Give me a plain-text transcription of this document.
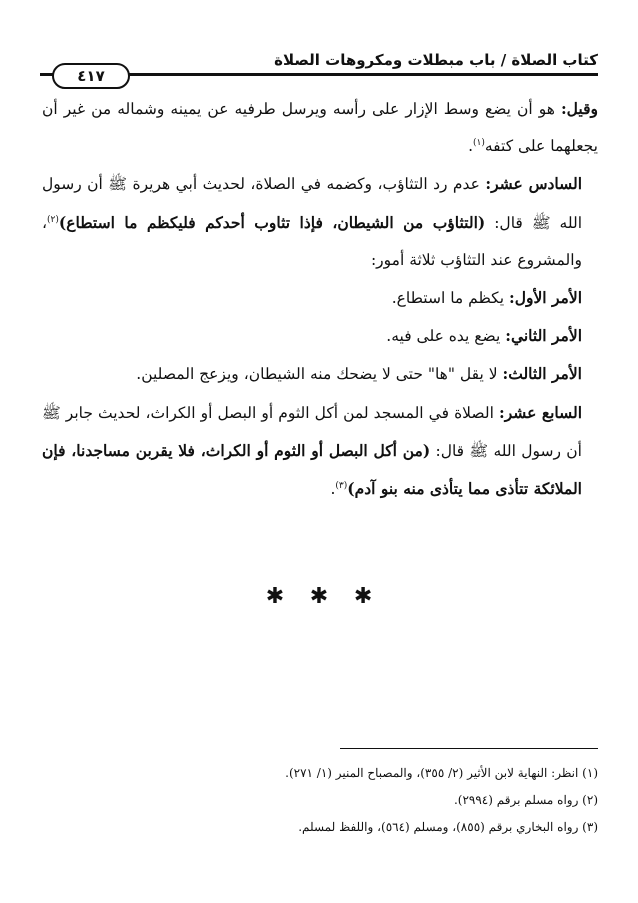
كتاب الصلاة / باب مبطلات ومكروهات الصلاة
٤١٧

وقيل: هو أن يضع وسط الإزار على رأسه ويرسل طرفيه عن يمينه وشماله من غير أن يجعلهما على كتفه$^{(١)}$.

السادس عشر: عدم رد التثاؤب، وكضمه في الصلاة، لحديث أبي هريرة ﷺ أن رسول الله ﷺ قال: (التثاؤب من الشيطان، فإذا تثاوب أحدكم فليكظم ما استطاع)$^{(٢)}$، والمشروع عند التثاؤب ثلاثة أمور:

الأمر الأول: يكظم ما استطاع.

الأمر الثاني: يضع يده على فيه.

الأمر الثالث: لا يقل "ها" حتى لا يضحك منه الشيطان، ويزعج المصلين.

السابع عشر: الصلاة في المسجد لمن أكل الثوم أو البصل أو الكراث، لحديث جابر ﷺ أن رسول الله ﷺ قال: (من أكل البصل أو الثوم أو الكراث، فلا يقربن مساجدنا، فإن الملائكة تتأذى مما يتأذى منه بنو آدم)$^{(٣)}$.

✱ ✱ ✱

(١) انظر: النهاية لابن الأثير (٢/ ٣٥٥)، والمصباح المنير (١/ ٢٧١).

(٢) رواه مسلم برقم (٢٩٩٤).

(٣) رواه البخاري برقم (٨٥٥)، ومسلم (٥٦٤)، واللفظ لمسلم.
